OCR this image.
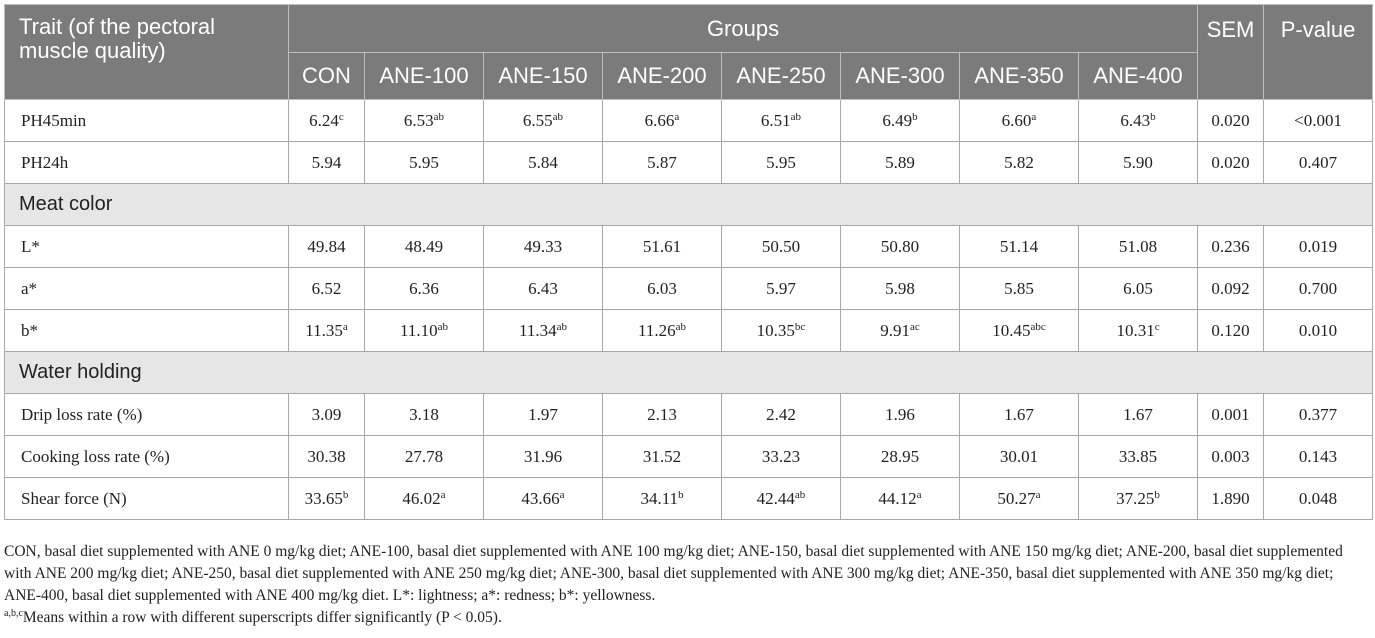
Trait (of the pectoral muscle quality)	Groups								SEM	P-value
	CON	ANE-100	ANE-150	ANE-200	ANE-250	ANE-300	ANE-350	ANE-400		
PH45min	6.24$^c$	6.53$^{ab}$	6.55$^{ab}$	6.66$^a$	6.51$^{ab}$	6.49$^b$	6.60$^a$	6.43$^b$	0.020	<0.001
PH24h	5.94	5.95	5.84	5.87	5.95	5.89	5.82	5.90	0.020	0.407
Meat color										
L*	49.84	48.49	49.33	51.61	50.50	50.80	51.14	51.08	0.236	0.019
a*	6.52	6.36	6.43	6.03	5.97	5.98	5.85	6.05	0.092	0.700
b*	11.35$^a$	11.10$^{ab}$	11.34$^{ab}$	11.26$^{ab}$	10.35$^{bc}$	9.91$^{ac}$	10.45$^{abc}$	10.31$^c$	0.120	0.010
Water holding										
Drip loss rate (%)	3.09	3.18	1.97	2.13	2.42	1.96	1.67	1.67	0.001	0.377
Cooking loss rate (%)	30.38	27.78	31.96	31.52	33.23	28.95	30.01	33.85	0.003	0.143
Shear force (N)	33.65$^b$	46.02$^a$	43.66$^a$	34.11$^b$	42.44$^{ab}$	44.12$^a$	50.27$^a$	37.25$^b$	1.890	0.048

CON, basal diet supplemented with ANE 0 mg/kg diet; ANE-100, basal diet supplemented with ANE 100 mg/kg diet; ANE-150, basal diet supplemented with ANE 150 mg/kg diet; ANE-200, basal diet supplemented with ANE 200 mg/kg diet; ANE-250, basal diet supplemented with ANE 250 mg/kg diet; ANE-300, basal diet supplemented with ANE 300 mg/kg diet; ANE-350, basal diet supplemented with ANE 350 mg/kg diet; ANE-400, basal diet supplemented with ANE 400 mg/kg diet. L*: lightness; a*: redness; b*: yellowness.

$^{a,b,c}$Means within a row with different superscripts differ significantly (P < 0.05).
